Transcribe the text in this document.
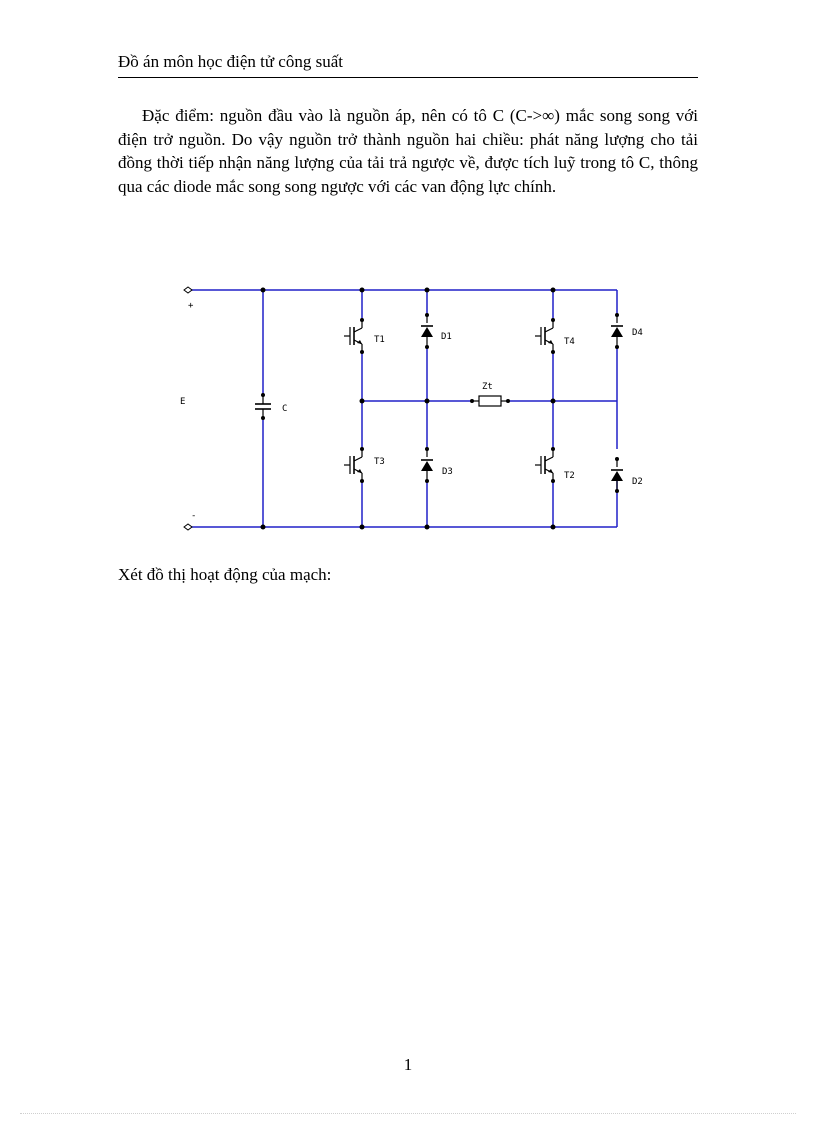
Đồ án môn học điện tử công suất

Đặc điểm: nguồn đầu vào là nguồn áp, nên có tô C (C->∞) mắc song song với điện trở nguồn. Do vậy nguồn trở thành nguồn hai chiều: phát năng lượng cho tải đồng thời tiếp nhận năng lượng của tải trả ngược về, được tích luỹ trong tô C, thông qua các diode mắc song song ngược với các van động lực chính.

+
-
E
C
Zt
T1
T3
T4
T2
D1
D3
D4
D2
Xét đồ thị hoạt động của mạch:
1
